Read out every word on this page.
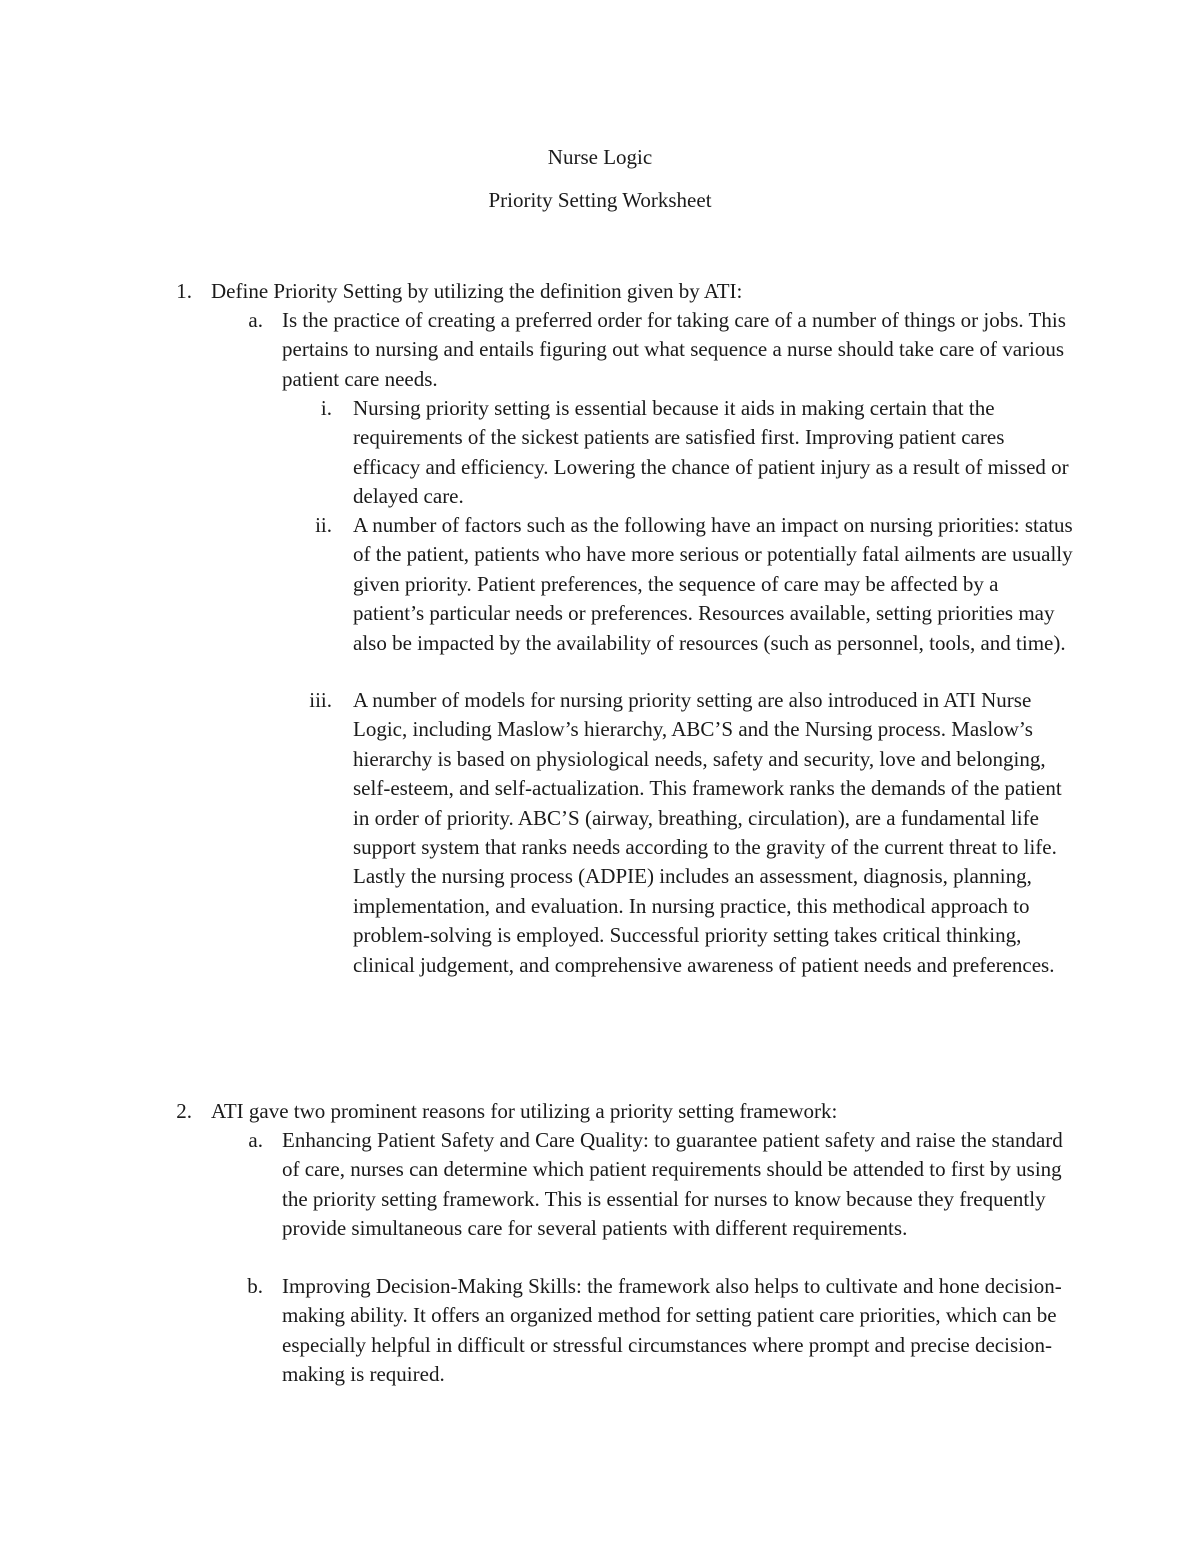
Nurse Logic
Priority Setting Worksheet
1. Define Priority Setting by utilizing the definition given by ATI:
a. Is the practice of creating a preferred order for taking care of a number of things or jobs. This pertains to nursing and entails figuring out what sequence a nurse should take care of various patient care needs.
i. Nursing priority setting is essential because it aids in making certain that the requirements of the sickest patients are satisfied first. Improving patient cares efficacy and efficiency. Lowering the chance of patient injury as a result of missed or delayed care.
ii. A number of factors such as the following have an impact on nursing priorities: status of the patient, patients who have more serious or potentially fatal ailments are usually given priority. Patient preferences, the sequence of care may be affected by a patient’s particular needs or preferences. Resources available, setting priorities may also be impacted by the availability of resources (such as personnel, tools, and time).
iii. A number of models for nursing priority setting are also introduced in ATI Nurse Logic, including Maslow’s hierarchy, ABC’S and the Nursing process. Maslow’s hierarchy is based on physiological needs, safety and security, love and belonging, self-esteem, and self-actualization. This framework ranks the demands of the patient in order of priority. ABC’S (airway, breathing, circulation), are a fundamental life support system that ranks needs according to the gravity of the current threat to life. Lastly the nursing process (ADPIE) includes an assessment, diagnosis, planning, implementation, and evaluation. In nursing practice, this methodical approach to problem-solving is employed. Successful priority setting takes critical thinking, clinical judgement, and comprehensive awareness of patient needs and preferences.
2. ATI gave two prominent reasons for utilizing a priority setting framework:
a. Enhancing Patient Safety and Care Quality: to guarantee patient safety and raise the standard of care, nurses can determine which patient requirements should be attended to first by using the priority setting framework. This is essential for nurses to know because they frequently provide simultaneous care for several patients with different requirements.
b. Improving Decision-Making Skills: the framework also helps to cultivate and hone decision-making ability. It offers an organized method for setting patient care priorities, which can be especially helpful in difficult or stressful circumstances where prompt and precise decision-making is required.
